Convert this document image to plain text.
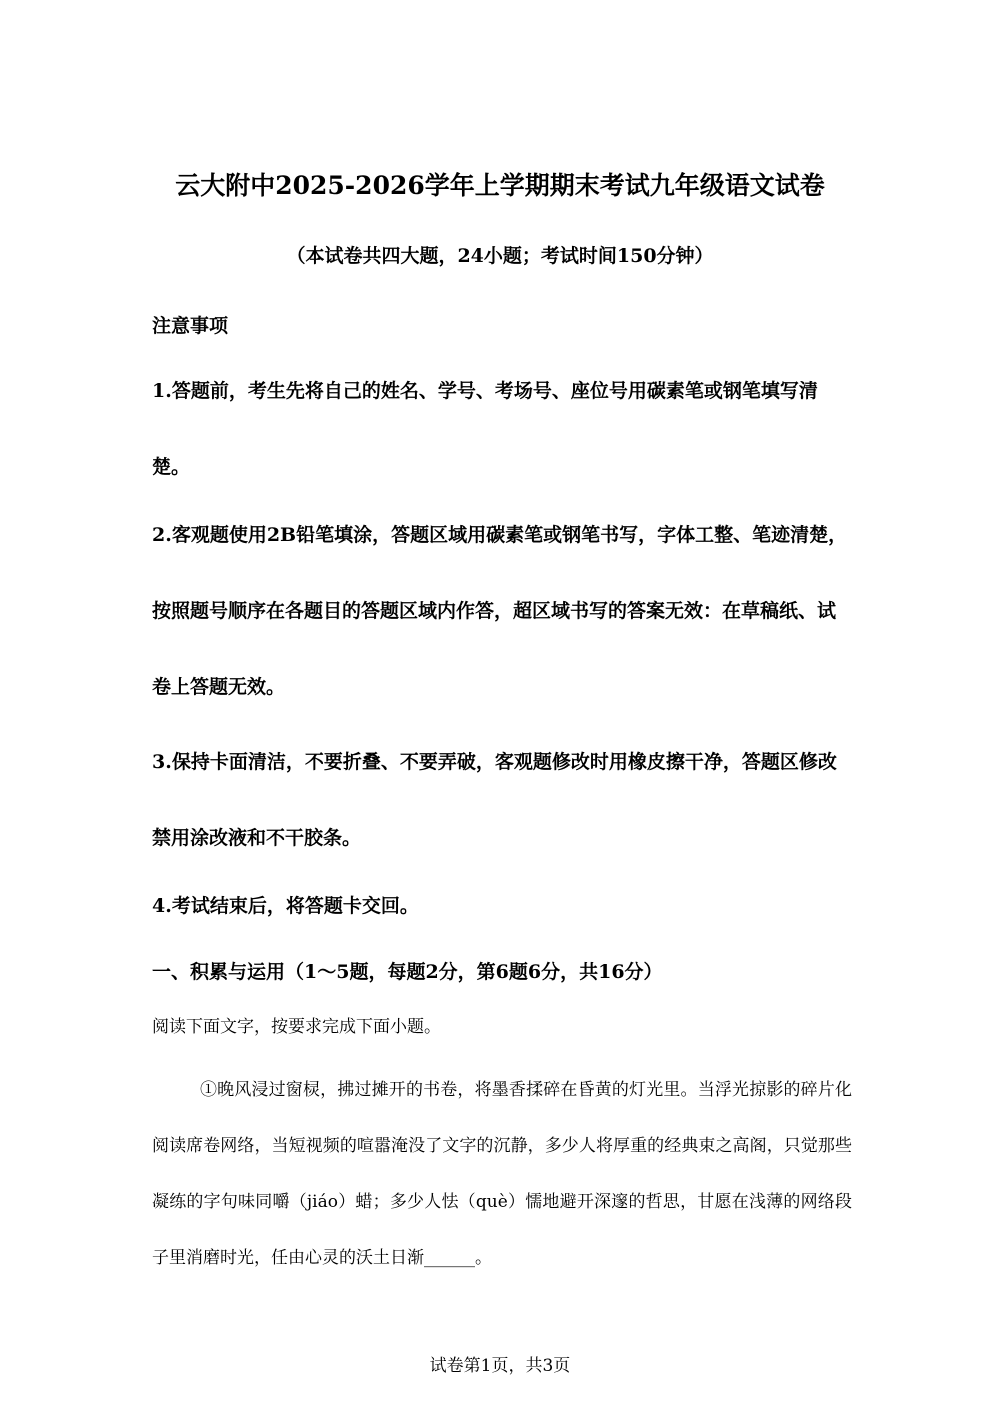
云大附中2025-2026学年上学期期末考试九年级语文试卷
（本试卷共四大题，24小题；考试时间150分钟）
注意事项
1.答题前，考生先将自己的姓名、学号、考场号、座位号用碳素笔或钢笔填写清楚。
2.客观题使用2B铅笔填涂，答题区域用碳素笔或钢笔书写，字体工整、笔迹清楚，按照题号顺序在各题目的答题区域内作答，超区域书写的答案无效：在草稿纸、试卷上答题无效。
3.保持卡面清洁，不要折叠、不要弄破，客观题修改时用橡皮擦干净，答题区修改禁用涂改液和不干胶条。
4.考试结束后，将答题卡交回。
一、积累与运用（1～5题，每题2分，第6题6分，共16分）
阅读下面文字，按要求完成下面小题。
①晚风浸过窗棂，拂过摊开的书卷，将墨香揉碎在昏黄的灯光里。当浮光掠影的碎片化阅读席卷网络，当短视频的喧嚣淹没了文字的沉静，多少人将厚重的经典束之高阁，只觉那些凝练的字句味同嚼（jiáo）蜡；多少人怯（què）懦地避开深邃的哲思，甘愿在浅薄的网络段子里消磨时光，任由心灵的沃土日渐______。
试卷第1页，共3页
